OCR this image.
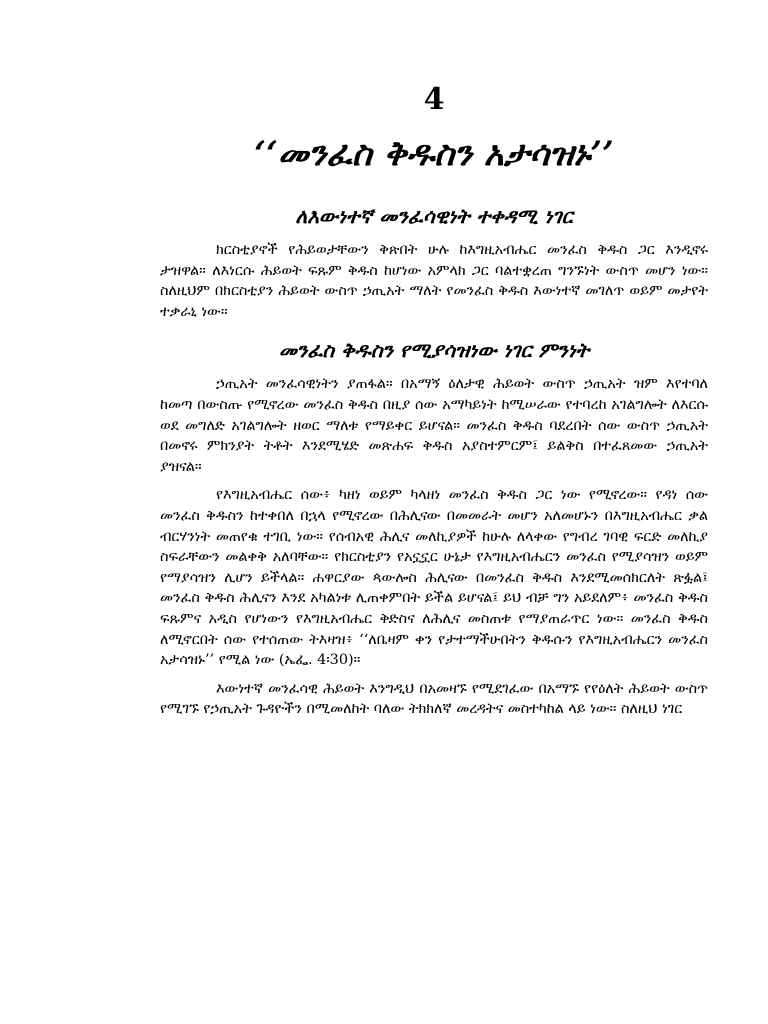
4
‘‘መንፈስ ቅዱስን አታሳዝኑ’’
ለእውነተኛ መንፈሳዊነት ተቀዳሚ ነገር

ክርስቲያኖች የሕይወታቸውን ቅጽበት ሁሉ ከእግዚአብሔር መንፈስ ቅዱስ ጋር እንዲኖሩ ታዝዋል። ለእነርሱ ሕይወት ፍጹም ቅዱስ ከሆነው አምላክ ጋር ባልተቋረጠ ግንኙነት ውስጥ መሆን ነው። ስለዚህም በክርስቲያን ሕይወት ውስጥ ኃጢአት ማለት የመንፈስ ቅዱስ እውነተኛ መገለጥ ወይም መታየት ተቃራኒ ነው።

መንፈስ ቅዱስን የሚያሳዝነው ነገር ምንነት

ኃጢአት መንፈሳዊነትን ያጠፋል። በአማኝ ዕለታዊ ሕይወት ውስጥ ኃጢአት ዝም እየተባለ ከመጣ በውስጡ የሚኖረው መንፈስ ቅዱስ በዚያ ሰው አማካይነት ከሚሠራው የተባረከ አገልግሎት ለእርሱ ወደ መግለድ አገልግሎት ዘወር ማለቱ የማይቀር ይሆናል። መንፈስ ቅዱስ ባደረበት ሰው ውስጥ ኃጢአት በመኖሩ ምክንያት ትቶት እንደሚሄድ መጽሐፍ ቅዱስ አያስተምርም፤ ይልቅስ በተፈጸመው ኃጢአት ያዝናል።

የእግዚአብሔር ሰው፥ ካዘነ ወይም ካላዘነ መንፈስ ቅዱስ ጋር ነው የሚኖረው። የዳነ ሰው መንፈስ ቅዱስን ከተቀበለ በኋላ የሚኖረው በሕሊናው በመመራት መሆን አለመሆኑን በእግዚአብሔር ቃል ብርሃንነት መጠየቁ ተገቢ ነው። የሰብአዊ ሕሊና መለኪያዎች ከሁሉ ለላቀው የግብረ ገባዊ ፍርድ መለኪያ ስፍራቸውን መልቀቅ አለባቸው። የክርስቲያን የአኗኗር ሁኔታ የእግዚአብሔርን መንፈስ የሚያሳዝን ወይም የማያሳዝን ሊሆን ይችላል። ሐዋርያው ጳውሎስ ሕሊናው በመንፈስ ቅዱስ እንደሚመሰክርለት ጽፏል፤ መንፈስ ቅዱስ ሕሊናን እንደ አካልነቱ ሊጠቀምበት ይችል ይሆናል፤ ይህ ብቻ ግን አይደለም፥ መንፈስ ቅዱስ ፍጹምና አዲስ የሆነውን የእግዚአብሔር ቅድስና ለሕሊና መስጠቱ የማያጠራጥር ነው። መንፈስ ቅዱስ ለሚኖርበት ሰው የተሰጠው ትእዛዝ፥ ‘‘ለቤዛም ቀን የታተማችሁበትን ቅዱሱን የእግዚአብሔርን መንፈስ አታሳዝኑ’’ የሚል ነው (ኤፌ. 4፡30)።

እውነተኛ መንፈሳዊ ሕይወት እንግዲህ በአመዛኙ የሚደገፈው በአማኙ የየዕለት ሕይወት ውስጥ የሚገኙ የኃጢአት ጉዳዮችን በሚመለከት ባለው ትክክለኛ መረዳትና መስተካከል ላይ ነው። ስለዚህ ነገር
